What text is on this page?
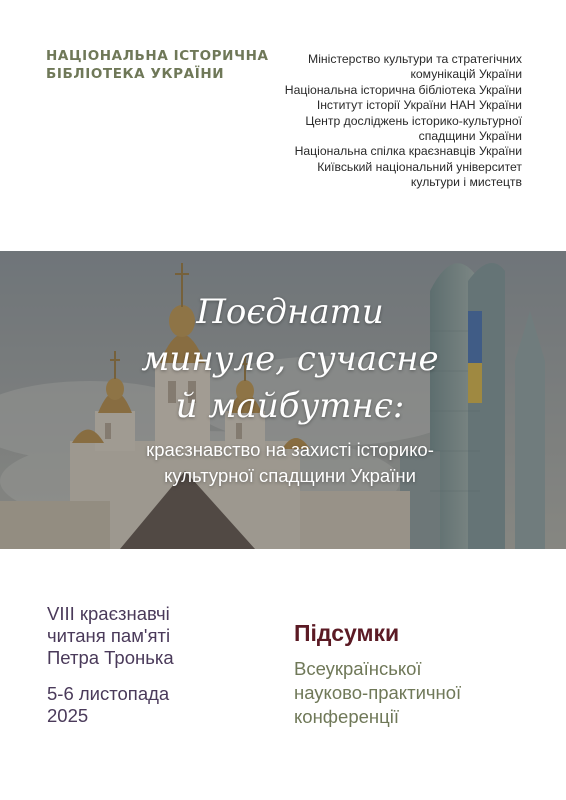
НАЦІОНАЛЬНА ІСТОРИЧНА
БІБЛІОТЕКА УКРАЇНИ
Міністерство культури та стратегічних
комунікацій України
Національна історична бібліотека України
Інститут історії України НАН України
Центр досліджень історико-культурної
спадщини України
Національна спілка краєзнавців України
Київський національний університет
культури і мистецтв
Поєднати
минуле, сучасне
й майбутнє:
краєзнавство на захисті історико-
культурної спадщини України
VIII краєзнавчі
читаня пам'яті
Петра Тронька
5-6 листопада
2025
Підсумки
Всеукраїнської
науково-практичної
конференції
